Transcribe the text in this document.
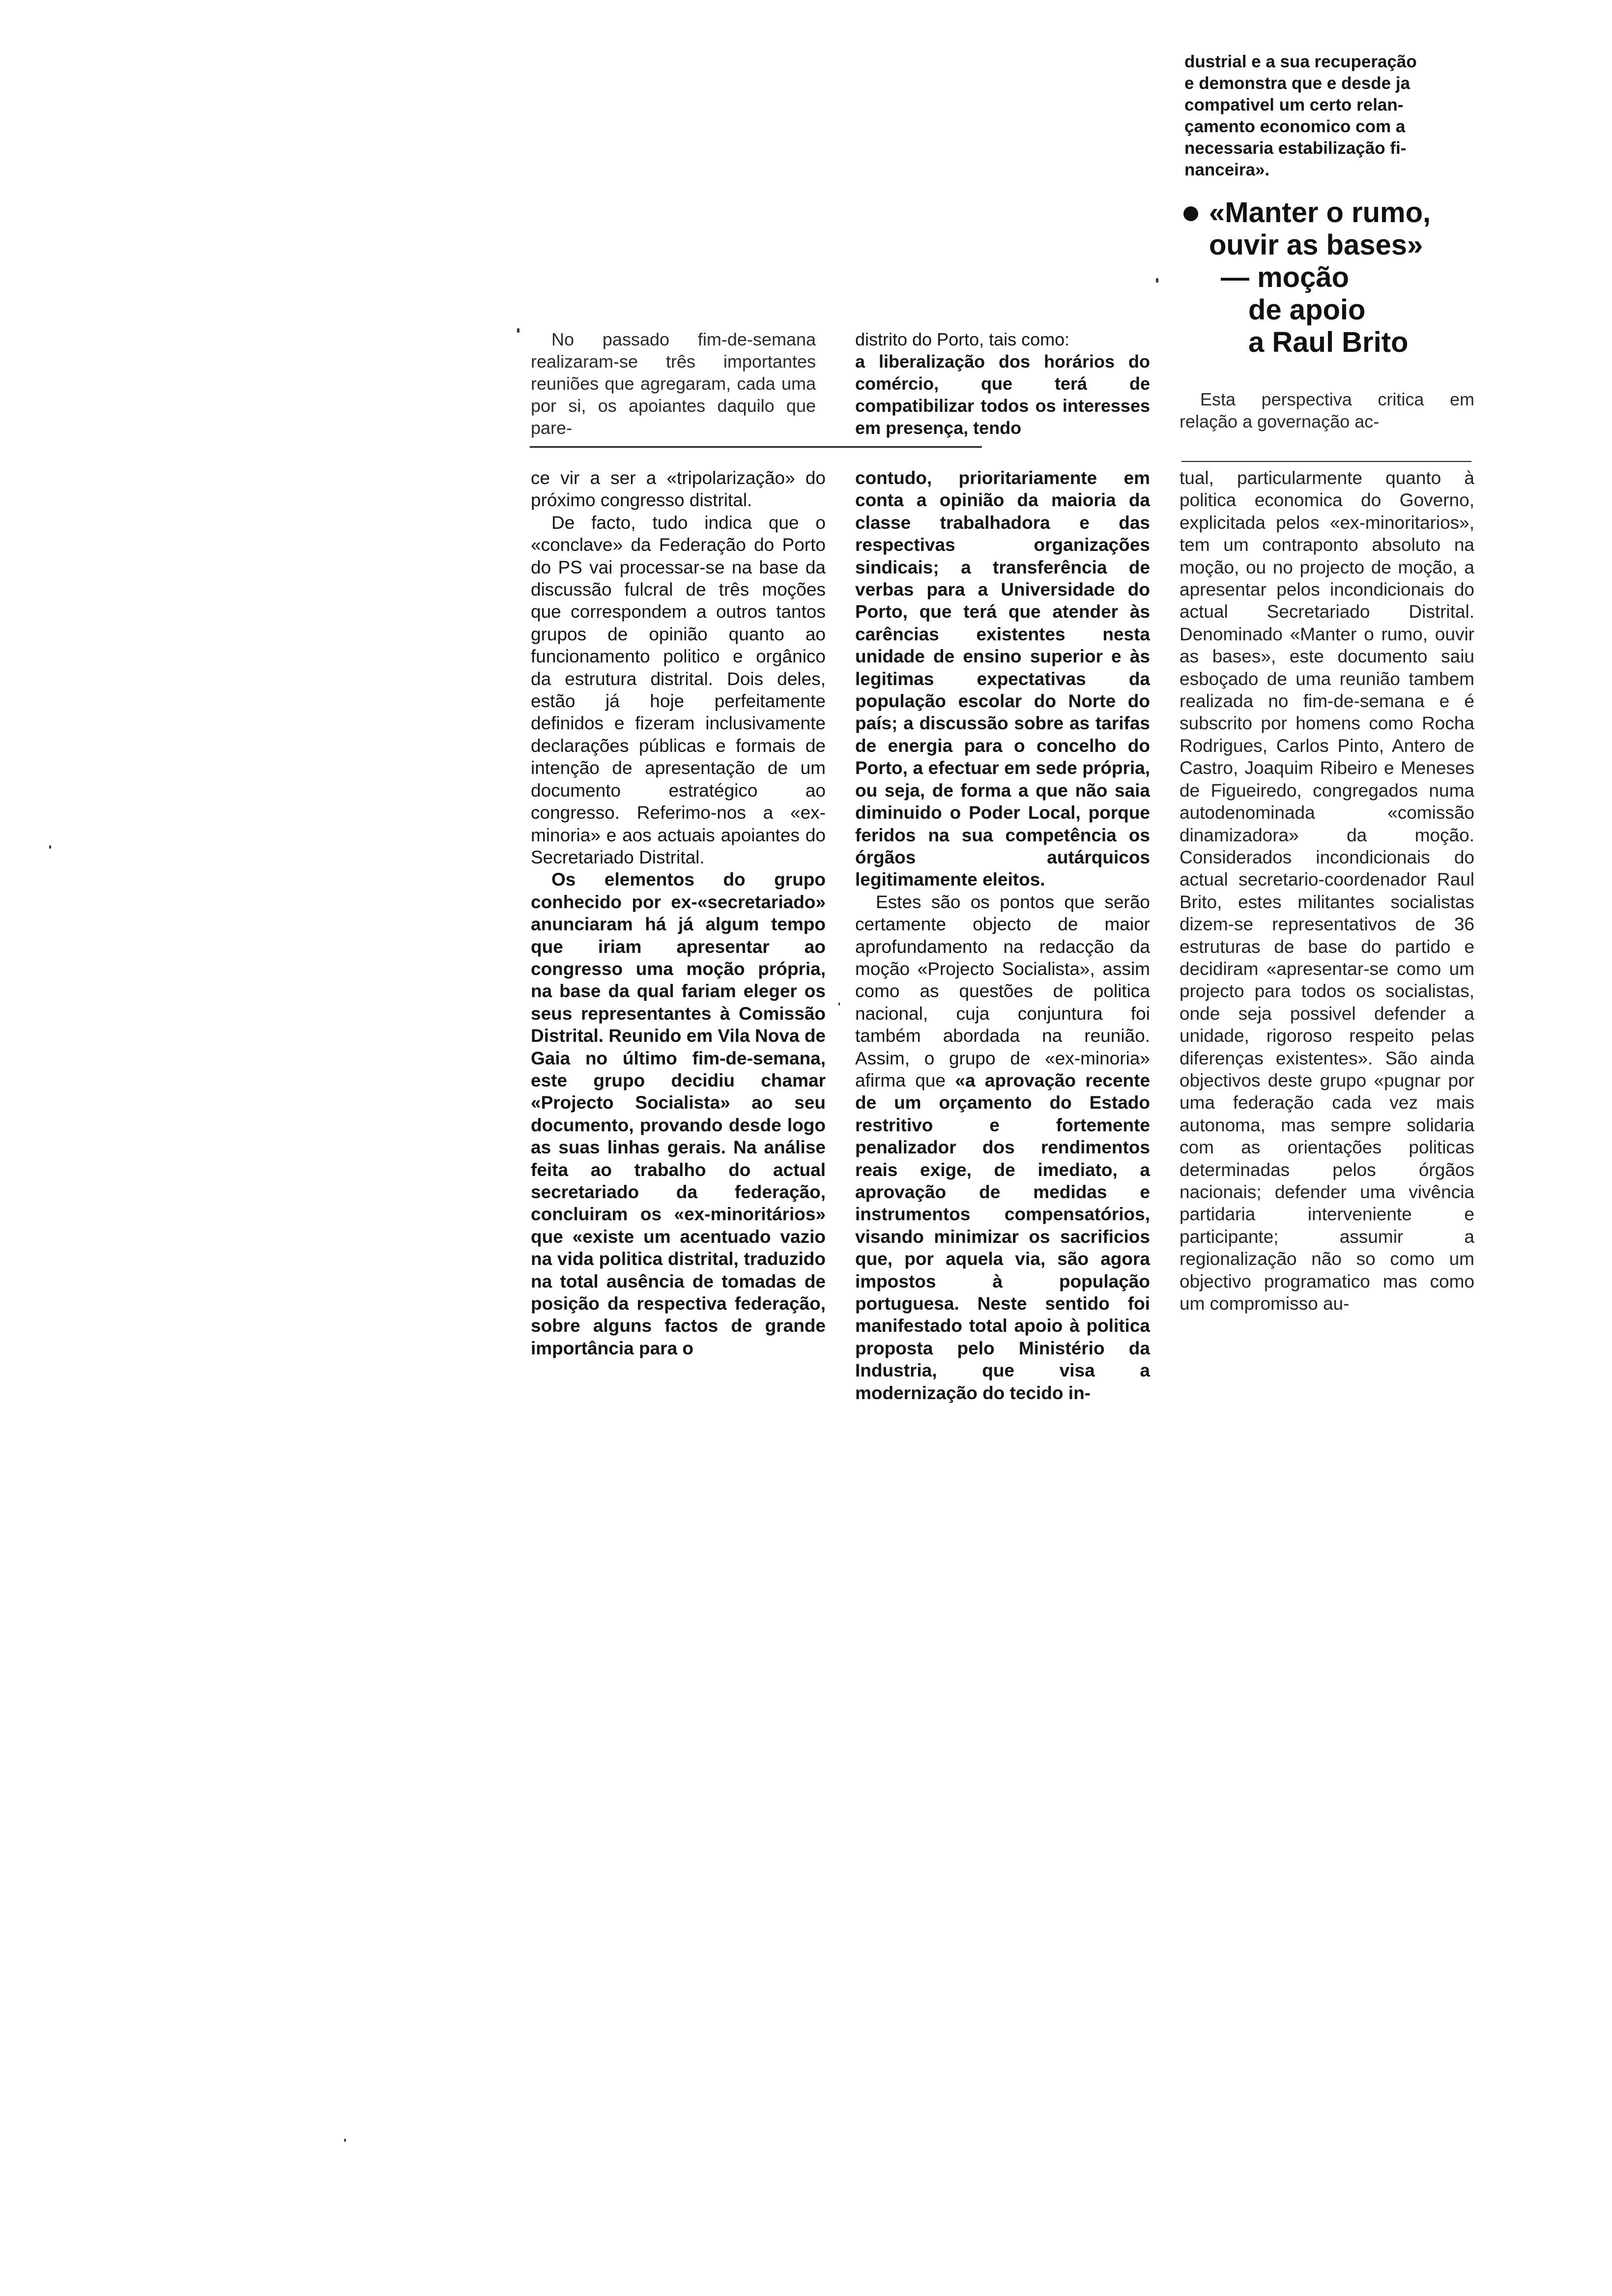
dustrial e a sua recuperação
e demonstra que e desde ja
compativel um certo relan-
çamento economico com a
necessaria estabilização fi-
nanceira».
«Manter o rumo,
ouvir as bases»
— moção
de apoio
a Raul Brito

No passado fim-de-semana realizaram-se três importantes reuniões que agregaram, cada uma por si, os apoiantes daquilo que pare-

distrito do Porto, tais como:

a liberalização dos horários do comércio, que terá de compatibilizar todos os interesses em presença, tendo

Esta perspectiva critica em relação a governação ac-

ce vir a ser a «tripolarização» do próximo congresso distrital.

De facto, tudo indica que o «conclave» da Federação do Porto do PS vai processar-se na base da discussão fulcral de três moções que correspondem a outros tantos grupos de opinião quanto ao funcionamento politico e orgânico da estrutura distrital. Dois deles, estão já hoje perfeitamente definidos e fizeram inclusivamente declarações públicas e formais de intenção de apresentação de um documento estratégico ao congresso. Referimo-nos a «ex-minoria» e aos actuais apoiantes do Secretariado Distrital.

Os elementos do grupo conhecido por ex-«secretariado» anunciaram há já algum tempo que iriam apresentar ao congresso uma moção própria, na base da qual fariam eleger os seus representantes à Comissão Distrital. Reunido em Vila Nova de Gaia no último fim-de-semana, este grupo decidiu chamar «Projecto Socialista» ao seu documento, provando desde logo as suas linhas gerais. Na análise feita ao trabalho do actual secretariado da federação, concluiram os «ex-minoritários» que «existe um acentuado vazio na vida politica distrital, traduzido na total ausência de tomadas de posição da respectiva federação, sobre alguns factos de grande importância para o

contudo, prioritariamente em conta a opinião da maioria da classe trabalhadora e das respectivas organizações sindicais; a transferência de verbas para a Universidade do Porto, que terá que atender às carências existentes nesta unidade de ensino superior e às legitimas expectativas da população escolar do Norte do país; a discussão sobre as tarifas de energia para o concelho do Porto, a efectuar em sede própria, ou seja, de forma a que não saia diminuido o Poder Local, porque feridos na sua competência os órgãos autárquicos legitimamente eleitos.

Estes são os pontos que serão certamente objecto de maior aprofundamento na redacção da moção «Projecto Socialista», assim como as questões de politica nacional, cuja conjuntura foi também abordada na reunião. Assim, o grupo de «ex-minoria» afirma que «a aprovação recente de um orçamento do Estado restritivo e fortemente penalizador dos rendimentos reais exige, de imediato, a aprovação de medidas e instrumentos compensatórios, visando minimizar os sacrificios que, por aquela via, são agora impostos à população portuguesa. Neste sentido foi manifestado total apoio à politica proposta pelo Ministério da Industria, que visa a modernização do tecido in-

tual, particularmente quanto à politica economica do Governo, explicitada pelos «ex-minoritarios», tem um contraponto absoluto na moção, ou no projecto de moção, a apresentar pelos incondicionais do actual Secretariado Distrital. Denominado «Manter o rumo, ouvir as bases», este documento saiu esboçado de uma reunião tambem realizada no fim-de-semana e é subscrito por homens como Rocha Rodrigues, Carlos Pinto, Antero de Castro, Joaquim Ribeiro e Meneses de Figueiredo, congregados numa autodenominada «comissão dinamizadora» da moção. Considerados incondicionais do actual secretario-coordenador Raul Brito, estes militantes socialistas dizem-se representativos de 36 estruturas de base do partido e decidiram «apresentar-se como um projecto para todos os socialistas, onde seja possivel defender a unidade, rigoroso respeito pelas diferenças existentes». São ainda objectivos deste grupo «pugnar por uma federação cada vez mais autonoma, mas sempre solidaria com as orientações politicas determinadas pelos órgãos nacionais; defender uma vivência partidaria interveniente e participante; assumir a regionalização não so como um objectivo programatico mas como um compromisso au-
